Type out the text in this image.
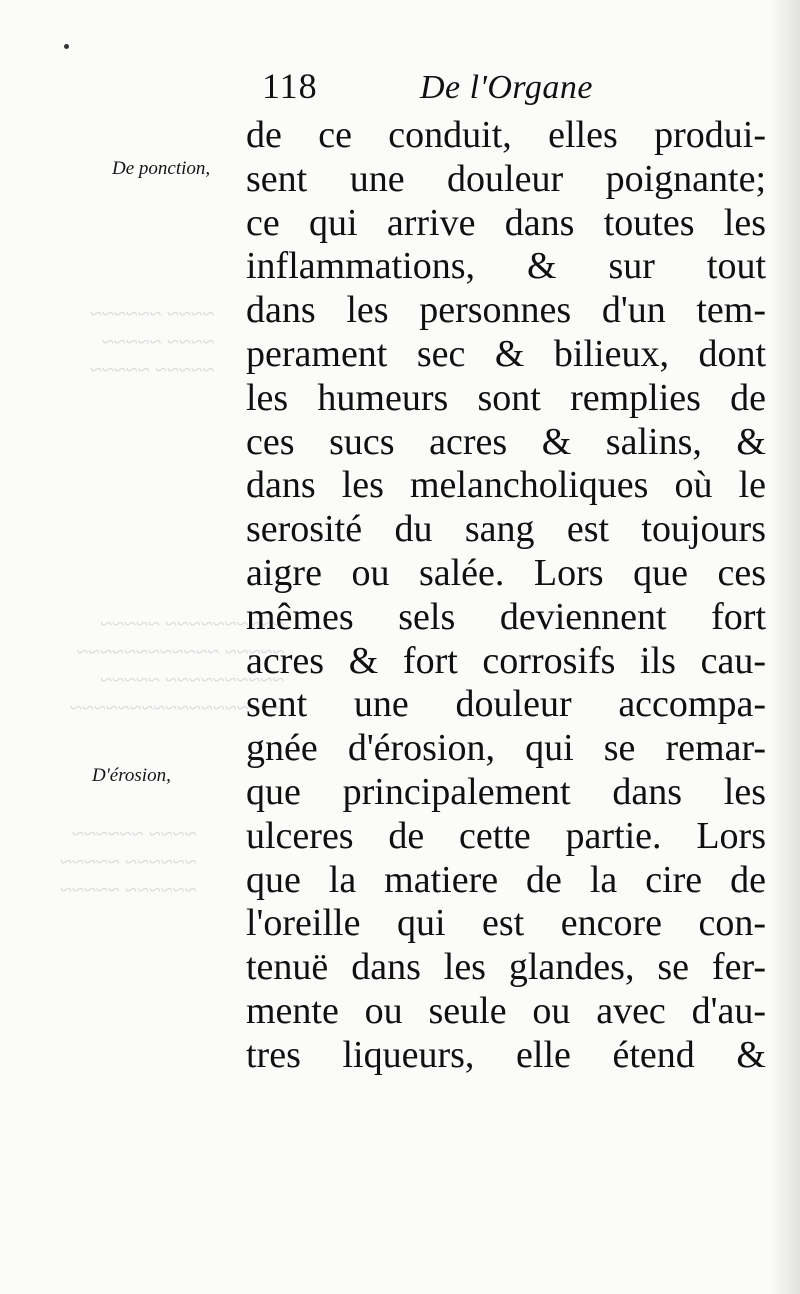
~~~~ ~~~~~~
~~~~ ~~~~~
~~~~~ ~~~~~
~~~~~~~~~~ ~~~~~
~~~~~ ~~~~~~~~~~~~
~~~~~~~~~~ ~~~~~
~~~~~~~~~~~~~~~~~~
~~~~ ~~~~~~
~~~~~~ ~~~~~
~~~~~~ ~~~~~
118	De l'Organe
De ponction,
D'érosion,
de ce conduit, elles produi-
sent une douleur poignante;
ce qui arrive dans toutes les
inflammations, & sur tout
dans les personnes d'un tem-
perament sec & bilieux, dont
les humeurs sont remplies de
ces sucs acres & salins, &
dans les melancholiques où le
serosité du sang est toujours
aigre ou salée. Lors que ces
mêmes sels deviennent fort
acres & fort corrosifs ils cau-
sent une douleur accompa-
gnée d'érosion, qui se remar-
que principalement dans les
ulceres de cette partie. Lors
que la matiere de la cire de
l'oreille qui est encore con-
tenuë dans les glandes, se fer-
mente ou seule ou avec d'au-
tres liqueurs, elle étend &
